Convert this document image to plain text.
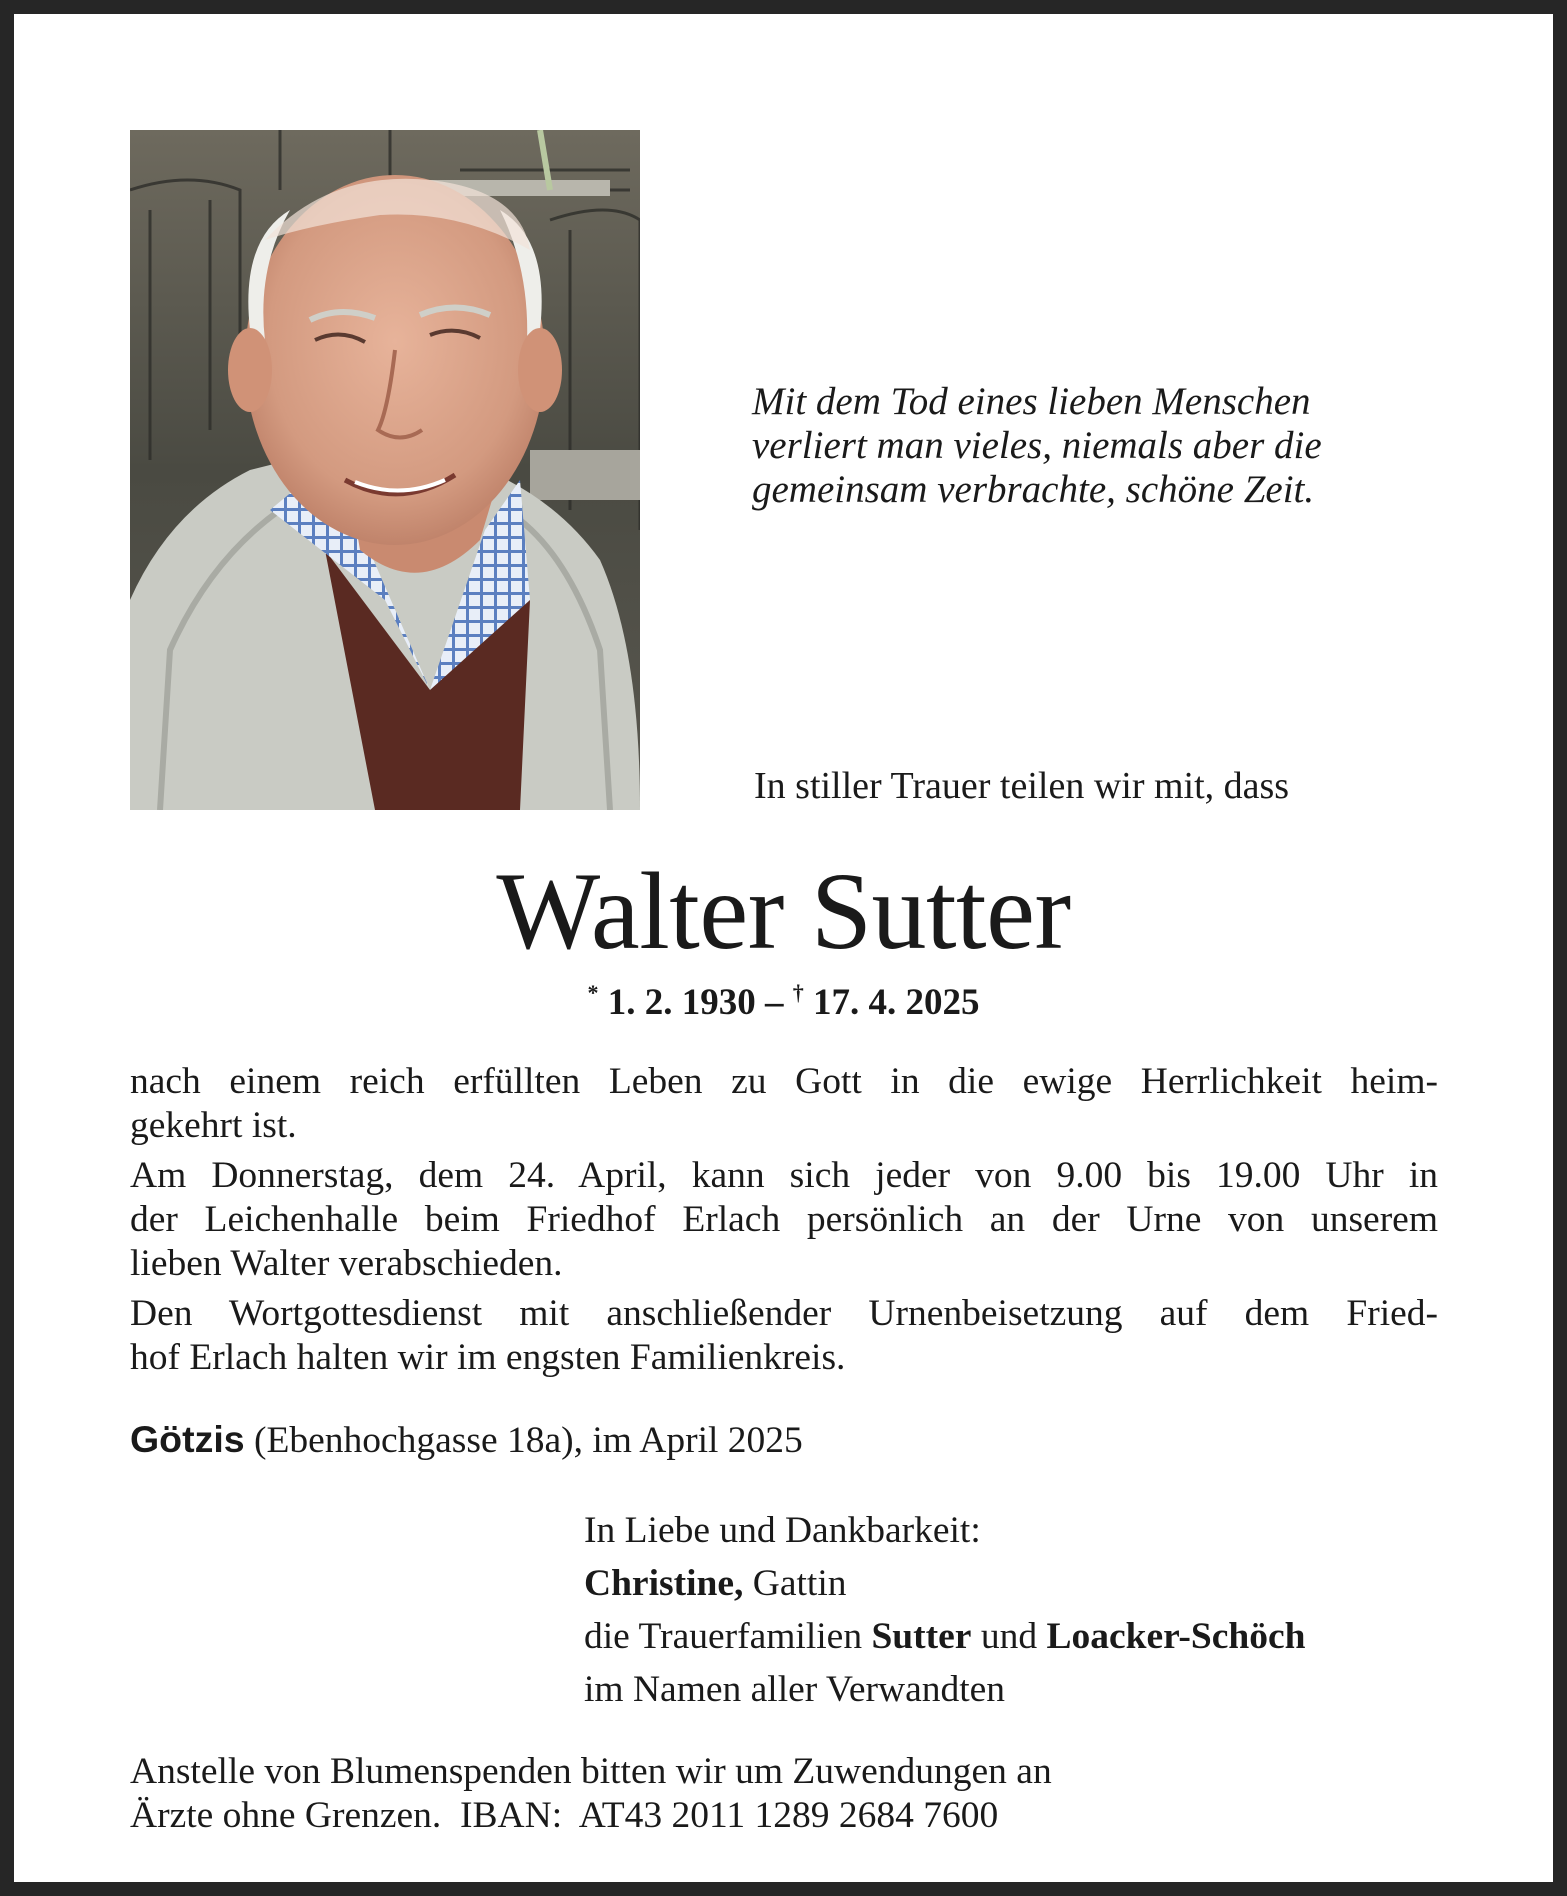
Mit dem Tod eines lieben Menschen
verliert man vieles, niemals aber die
gemeinsam verbrachte, schöne Zeit.
In stiller Trauer teilen wir mit, dass
Walter Sutter
* 1. 2. 1930 – † 17. 4. 2025

nach einem reich erfüllten Leben zu Gott in die ewige Herrlichkeit heim-
gekehrt ist.

Am Donnerstag, dem 24. April, kann sich jeder von 9.00 bis 19.00 Uhr in
der Leichenhalle beim Friedhof Erlach persönlich an der Urne von unserem
lieben Walter verabschieden.

Den Wortgottesdienst mit anschließender Urnenbeisetzung auf dem Fried-
hof Erlach halten wir im engsten Familienkreis.

Götzis (Ebenhochgasse 18a), im April 2025
In Liebe und Dankbarkeit:
Christine, Gattin
die Trauerfamilien Sutter und Loacker-Schöch
im Namen aller Verwandten
Anstelle von Blumenspenden bitten wir um Zuwendungen an
Ärzte ohne Grenzen.  IBAN:  AT43 2011 1289 2684 7600
